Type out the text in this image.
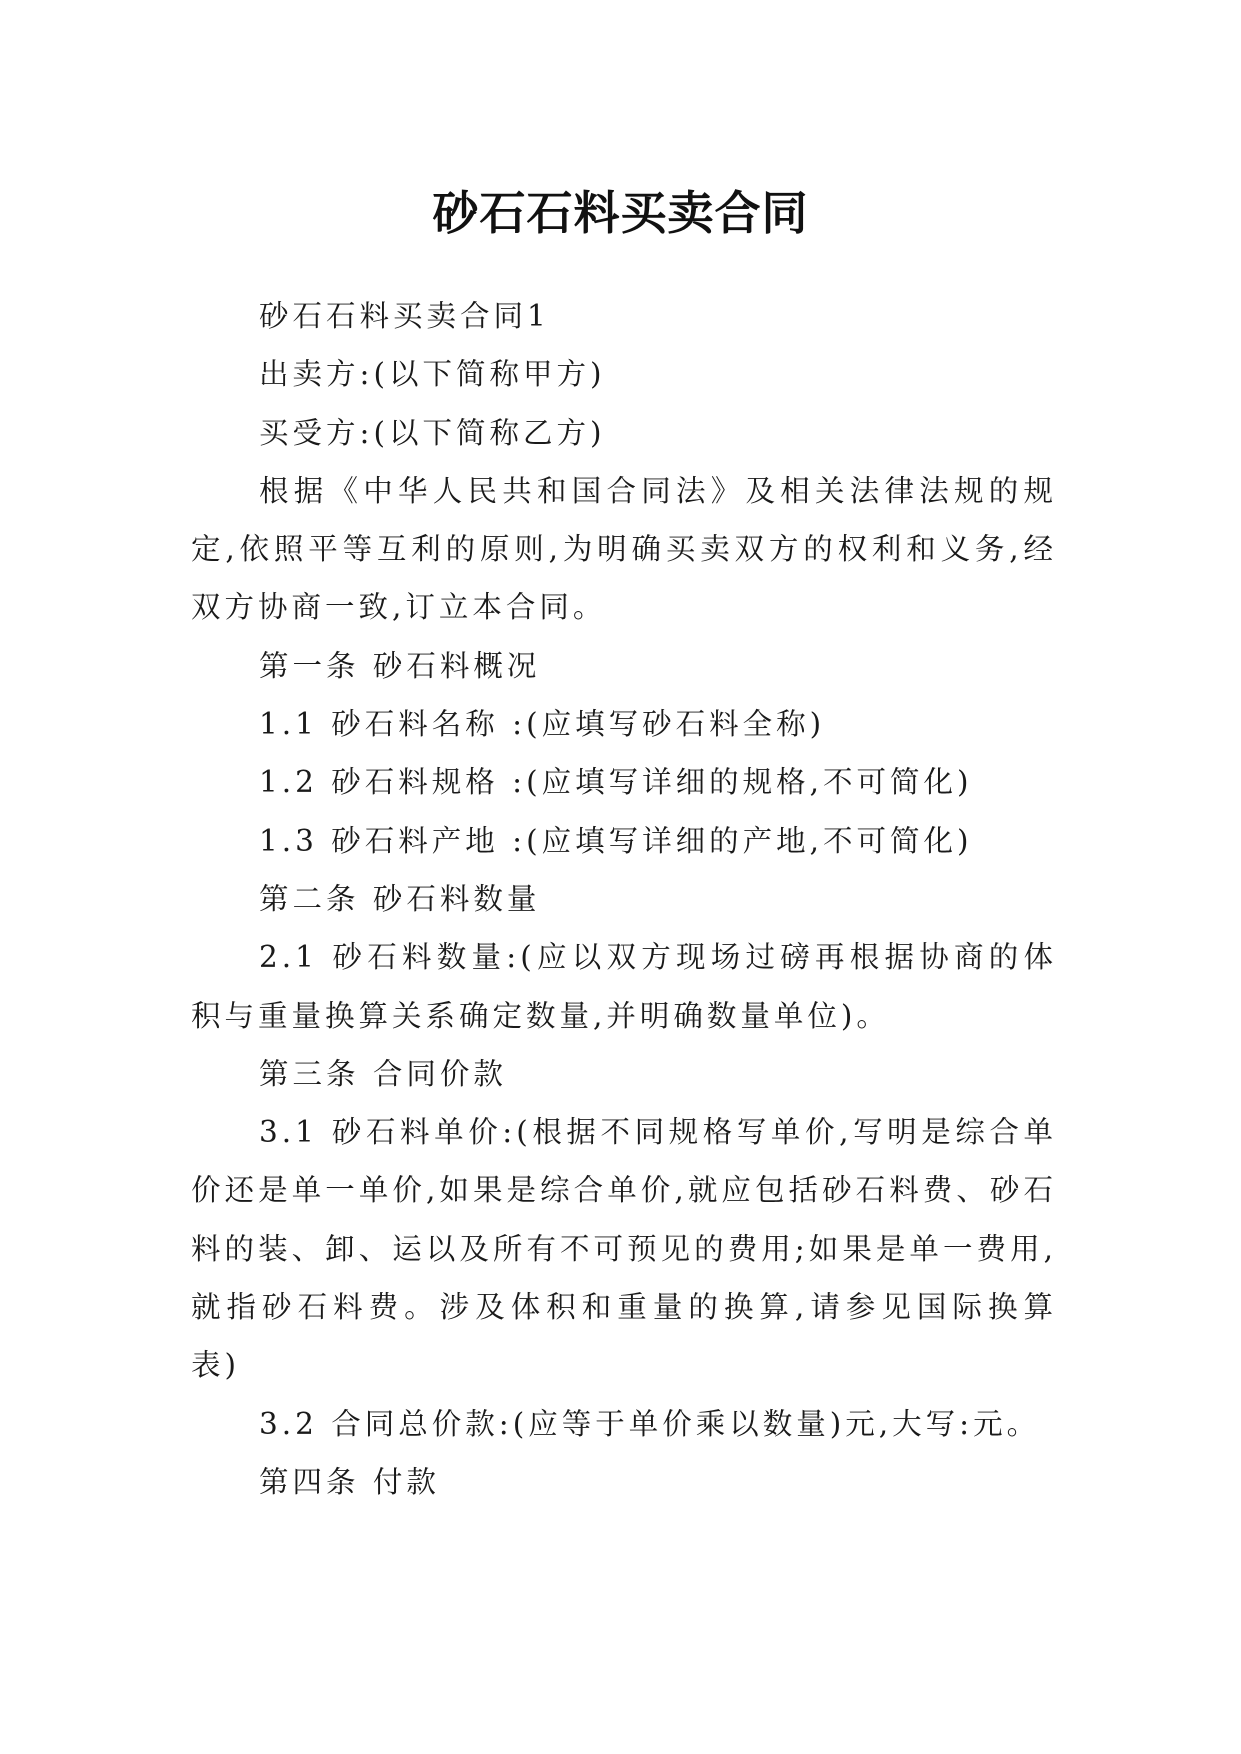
砂石石料买卖合同

砂石石料买卖合同1

出卖方:(以下简称甲方)

买受方:(以下简称乙方)

根据《中华人民共和国合同法》及相关法律法规的规定,依照平等互利的原则,为明确买卖双方的权利和义务,经双方协商一致,订立本合同。

第一条 砂石料概况

1.1 砂石料名称 :(应填写砂石料全称)

1.2 砂石料规格 :(应填写详细的规格,不可简化)

1.3 砂石料产地 :(应填写详细的产地,不可简化)

第二条 砂石料数量

2.1 砂石料数量:(应以双方现场过磅再根据协商的体积与重量换算关系确定数量,并明确数量单位)。

第三条 合同价款

3.1 砂石料单价:(根据不同规格写单价,写明是综合单价还是单一单价,如果是综合单价,就应包括砂石料费、砂石料的装、卸、运以及所有不可预见的费用;如果是单一费用,就指砂石料费。涉及体积和重量的换算,请参见国际换算表)

3.2 合同总价款:(应等于单价乘以数量)元,大写:元。

第四条 付款
